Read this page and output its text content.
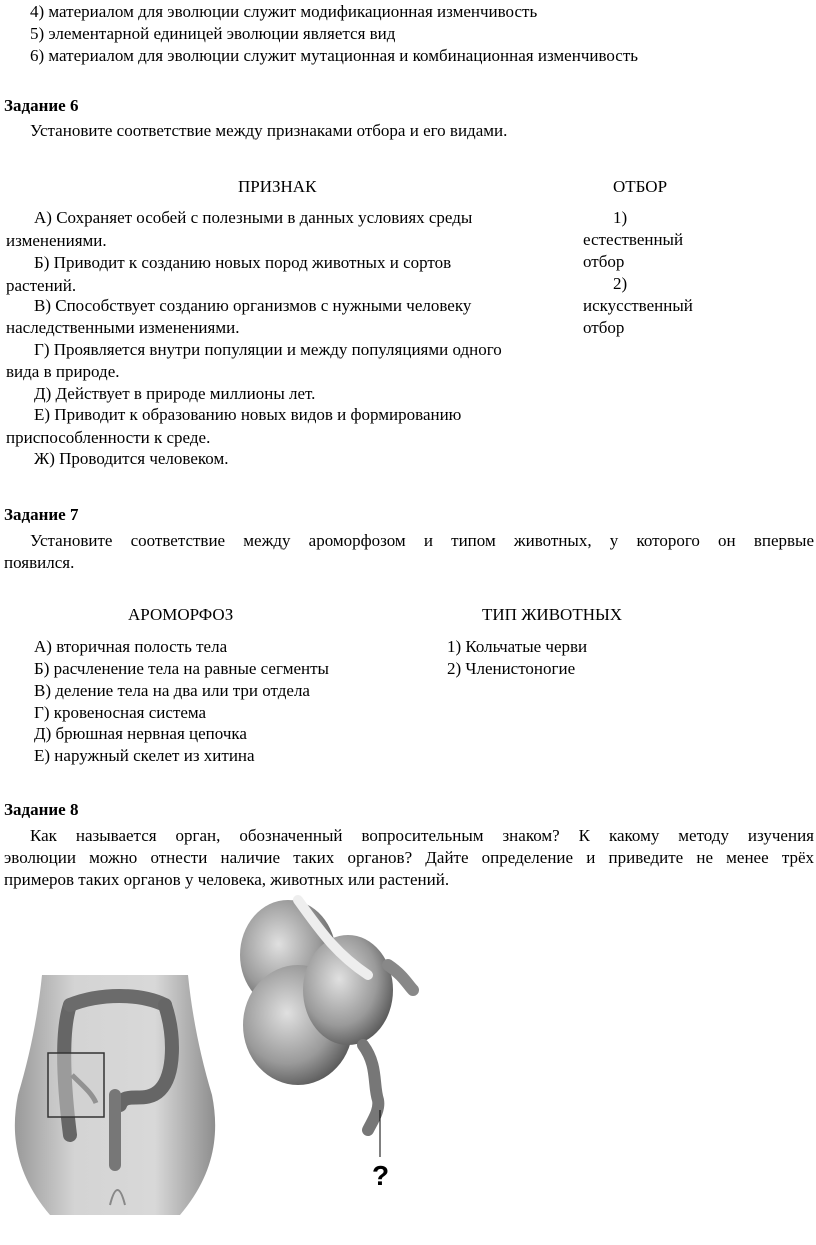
4) материалом для эволюции служит модификационная изменчивость
5) элементарной единицей эволюции является вид
6) материалом для эволюции служит мутационная и комбинационная изменчивость
Задание 6
Установите соответствие между признаками отбора и его видами.
ПРИЗНАК	ОТБОР
А) Сохраняет особей с полезными в данных условиях среды
изменениями.
Б) Приводит к созданию новых пород животных и сортов
растений.
В) Способствует созданию организмов с нужными человеку
наследственными изменениями.
Г) Проявляется внутри популяции и между популяциями одного
вида в природе.
Д) Действует в природе миллионы лет.
Е) Приводит к образованию новых видов и формированию
приспособленности к среде.
Ж) Проводится человеком.
1)
естественный
отбор
2)
искусственный
отбор
Задание 7
Установите соответствие между ароморфозом и типом животных, у которого он впервые
появился.
АРОМОРФОЗ	ТИП ЖИВОТНЫХ
А) вторичная полость тела
Б) расчленение тела на равные сегменты
В) деление тела на два или три отдела
Г) кровеносная система
Д) брюшная нервная цепочка
Е) наружный скелет из хитина
1) Кольчатые черви
2) Членистоногие
Задание 8
Как называется орган, обозначенный вопросительным знаком? К какому методу изучения
эволюции можно отнести наличие таких органов? Дайте определение и приведите не менее трёх
примеров таких органов у человека, животных или растений.
?
